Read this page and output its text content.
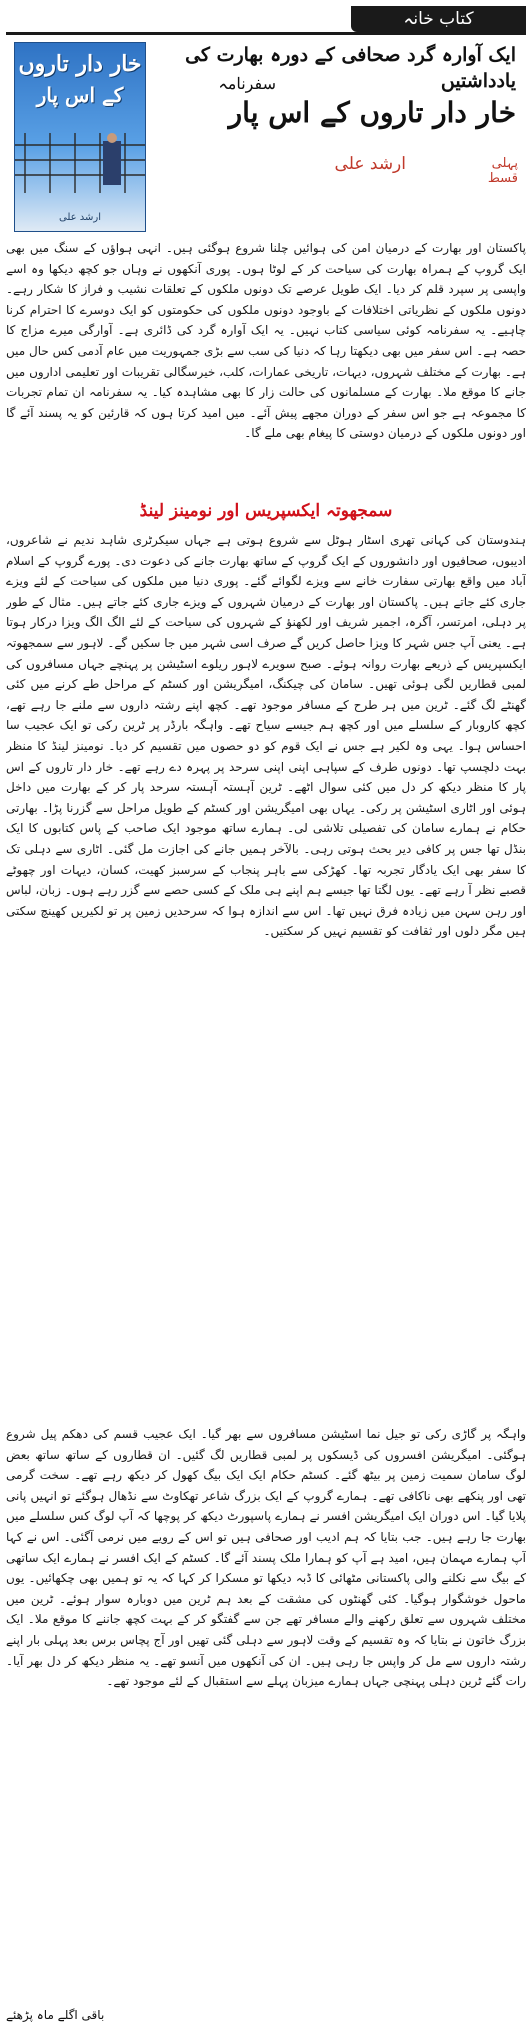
کتاب خانہ
خار دار تاروں
کے اس پار
ارشد علی
ایک آوارہ گرد صحافی کے دورہ بھارت کی یادداشتیں
سفرنامہ
خار دار تاروں کے اس پار
پہلی قسط
ارشد علی
پاکستان اور بھارت کے درمیان امن کی ہوائیں چلنا شروع ہوگئی ہیں۔ انہی ہواؤں کے سنگ میں بھی ایک گروپ کے ہمراہ بھارت کی سیاحت کر کے لوٹا ہوں۔ پوری آنکھوں نے وہاں جو کچھ دیکھا وہ اسے واپسی پر سپرد قلم کر دیا۔ ایک طویل عرصے تک دونوں ملکوں کے تعلقات نشیب و فراز کا شکار رہے۔ دونوں ملکوں کے نظریاتی اختلافات کے باوجود دونوں ملکوں کی حکومتوں کو ایک دوسرے کا احترام کرنا چاہیے۔ یہ سفرنامہ کوئی سیاسی کتاب نہیں۔ یہ ایک آوارہ گرد کی ڈائری ہے۔ آوارگی میرے مزاج کا حصہ ہے۔ اس سفر میں بھی دیکھتا رہا کہ دنیا کی سب سے بڑی جمہوریت میں عام آدمی کس حال میں ہے۔ بھارت کے مختلف شہروں، دیہات، تاریخی عمارات، کلب، خیرسگالی تقریبات اور تعلیمی اداروں میں جانے کا موقع ملا۔ بھارت کے مسلمانوں کی حالت زار کا بھی مشاہدہ کیا۔ یہ سفرنامہ ان تمام تجربات کا مجموعہ ہے جو اس سفر کے دوران مجھے پیش آئے۔ میں امید کرتا ہوں کہ قارئین کو یہ پسند آئے گا اور دونوں ملکوں کے درمیان دوستی کا پیغام بھی ملے گا۔
سمجھوتہ ایکسپریس اور نومینز لینڈ
ہندوستان کی کہانی تھری اسٹار ہوٹل سے شروع ہوتی ہے جہاں سیکرٹری شاہد ندیم نے شاعروں، ادیبوں، صحافیوں اور دانشوروں کے ایک گروپ کے ساتھ بھارت جانے کی دعوت دی۔ پورے گروپ کے اسلام آباد میں واقع بھارتی سفارت خانے سے ویزے لگوائے گئے۔ پوری دنیا میں ملکوں کی سیاحت کے لئے ویزے جاری کئے جاتے ہیں۔ پاکستان اور بھارت کے درمیان شہروں کے ویزے جاری کئے جاتے ہیں۔ مثال کے طور پر دہلی، امرتسر، آگرہ، اجمیر شریف اور لکھنؤ کے شہروں کی سیاحت کے لئے الگ الگ ویزا درکار ہوتا ہے۔ یعنی آپ جس شہر کا ویزا حاصل کریں گے صرف اسی شہر میں جا سکیں گے۔ لاہور سے سمجھوتہ ایکسپریس کے ذریعے بھارت روانہ ہوئے۔ صبح سویرے لاہور ریلوے اسٹیشن پر پہنچے جہاں مسافروں کی لمبی قطاریں لگی ہوئی تھیں۔ سامان کی چیکنگ، امیگریشن اور کسٹم کے مراحل طے کرنے میں کئی گھنٹے لگ گئے۔ ٹرین میں ہر طرح کے مسافر موجود تھے۔ کچھ اپنے رشتہ داروں سے ملنے جا رہے تھے، کچھ کاروبار کے سلسلے میں اور کچھ ہم جیسے سیاح تھے۔ واہگہ بارڈر پر ٹرین رکی تو ایک عجیب سا احساس ہوا۔ یہی وہ لکیر ہے جس نے ایک قوم کو دو حصوں میں تقسیم کر دیا۔ نومینز لینڈ کا منظر بہت دلچسپ تھا۔ دونوں طرف کے سپاہی اپنی اپنی سرحد پر پہرہ دے رہے تھے۔ خار دار تاروں کے اس پار کا منظر دیکھ کر دل میں کئی سوال اٹھے۔ ٹرین آہستہ آہستہ سرحد پار کر کے بھارت میں داخل ہوئی اور اٹاری اسٹیشن پر رکی۔ یہاں بھی امیگریشن اور کسٹم کے طویل مراحل سے گزرنا پڑا۔ بھارتی حکام نے ہمارے سامان کی تفصیلی تلاشی لی۔ ہمارے ساتھ موجود ایک صاحب کے پاس کتابوں کا ایک بنڈل تھا جس پر کافی دیر بحث ہوتی رہی۔ بالآخر ہمیں جانے کی اجازت مل گئی۔ اٹاری سے دہلی تک کا سفر بھی ایک یادگار تجربہ تھا۔ کھڑکی سے باہر پنجاب کے سرسبز کھیت، کسان، دیہات اور چھوٹے قصبے نظر آ رہے تھے۔ یوں لگتا تھا جیسے ہم اپنے ہی ملک کے کسی حصے سے گزر رہے ہوں۔ زبان، لباس اور رہن سہن میں زیادہ فرق نہیں تھا۔ اس سے اندازہ ہوا کہ سرحدیں زمین پر تو لکیریں کھینچ سکتی ہیں مگر دلوں اور ثقافت کو تقسیم نہیں کر سکتیں۔
واہگہ پر گاڑی رکی تو جیل نما اسٹیشن مسافروں سے بھر گیا۔ ایک عجیب قسم کی دھکم پیل شروع ہوگئی۔ امیگریشن افسروں کی ڈیسکوں پر لمبی قطاریں لگ گئیں۔ ان قطاروں کے ساتھ ساتھ بعض لوگ سامان سمیت زمین پر بیٹھ گئے۔ کسٹم حکام ایک ایک بیگ کھول کر دیکھ رہے تھے۔ سخت گرمی تھی اور پنکھے بھی ناکافی تھے۔ ہمارے گروپ کے ایک بزرگ شاعر تھکاوٹ سے نڈھال ہوگئے تو انہیں پانی پلایا گیا۔ اس دوران ایک امیگریشن افسر نے ہمارے پاسپورٹ دیکھ کر پوچھا کہ آپ لوگ کس سلسلے میں بھارت جا رہے ہیں۔ جب بتایا کہ ہم ادیب اور صحافی ہیں تو اس کے رویے میں نرمی آگئی۔ اس نے کہا آپ ہمارے مہمان ہیں، امید ہے آپ کو ہمارا ملک پسند آئے گا۔ کسٹم کے ایک افسر نے ہمارے ایک ساتھی کے بیگ سے نکلنے والی پاکستانی مٹھائی کا ڈبہ دیکھا تو مسکرا کر کہا کہ یہ تو ہمیں بھی چکھائیں۔ یوں ماحول خوشگوار ہوگیا۔ کئی گھنٹوں کی مشقت کے بعد ہم ٹرین میں دوبارہ سوار ہوئے۔ ٹرین میں مختلف شہروں سے تعلق رکھنے والے مسافر تھے جن سے گفتگو کر کے بہت کچھ جاننے کا موقع ملا۔ ایک بزرگ خاتون نے بتایا کہ وہ تقسیم کے وقت لاہور سے دہلی گئی تھیں اور آج پچاس برس بعد پہلی بار اپنے رشتہ داروں سے مل کر واپس جا رہی ہیں۔ ان کی آنکھوں میں آنسو تھے۔ یہ منظر دیکھ کر دل بھر آیا۔ رات گئے ٹرین دہلی پہنچی جہاں ہمارے میزبان پہلے سے استقبال کے لئے موجود تھے۔
باقی اگلے ماہ پڑھئے
